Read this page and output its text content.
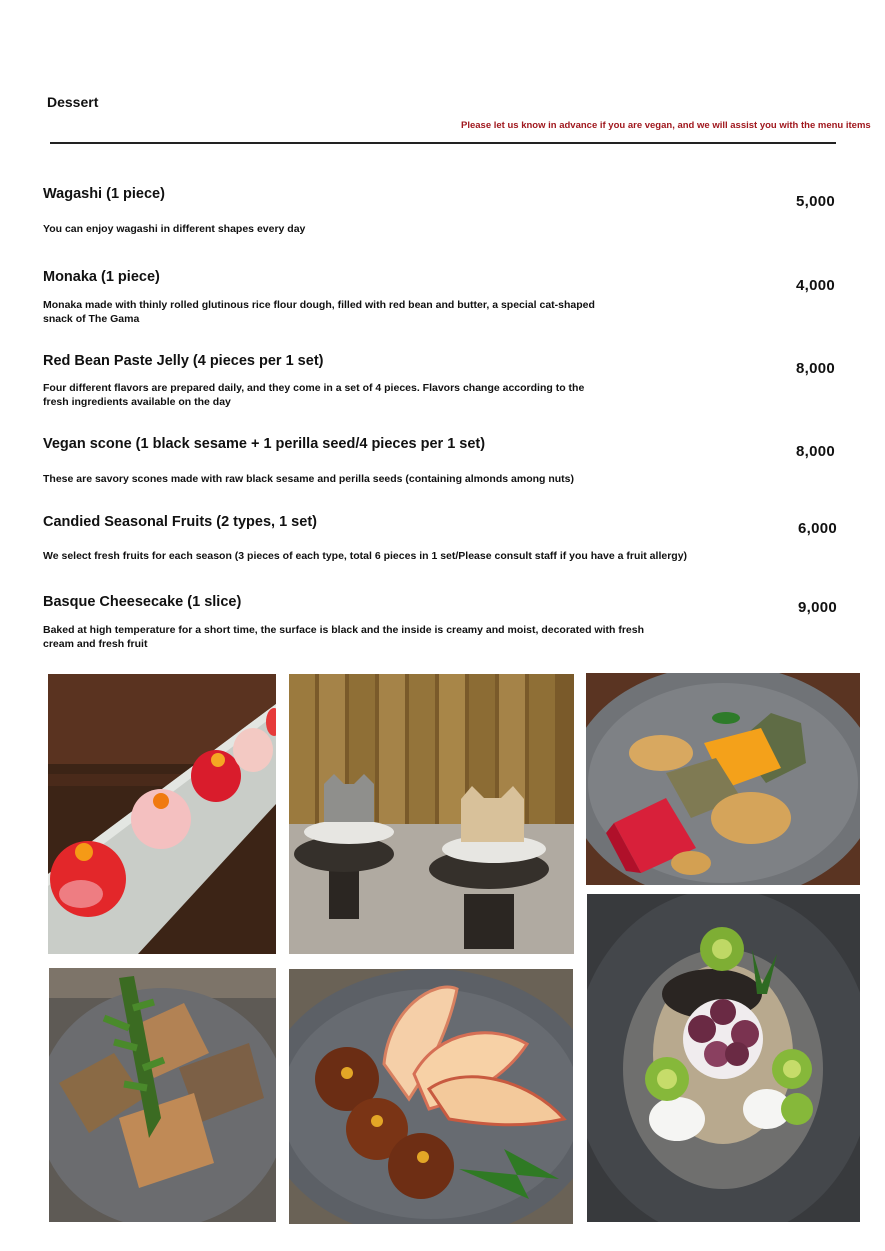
Dessert
Please let us know in advance if you are vegan, and we will assist you with the menu items
Wagashi (1 piece)
You can enjoy wagashi in different shapes every day
5,000
Monaka (1 piece)
Monaka made with thinly rolled glutinous rice flour dough, filled with red bean and butter, a special cat-shaped snack of The Gama
4,000
Red Bean Paste Jelly (4 pieces per 1 set)
Four different flavors are prepared daily, and they come in a set of 4 pieces. Flavors change according to the fresh ingredients available on the day
8,000
Vegan scone (1 black sesame + 1 perilla seed/4 pieces per 1 set)
These are savory scones made with raw black sesame and perilla seeds (containing almonds among nuts)
8,000
Candied Seasonal Fruits (2 types, 1 set)
We select fresh fruits for each season (3 pieces of each type, total 6 pieces in 1 set/Please consult staff if you have a fruit allergy)
6,000
Basque Cheesecake (1 slice)
Baked at high temperature for a short time, the surface is black and the inside is creamy and moist, decorated with fresh cream and fresh fruit
9,000
